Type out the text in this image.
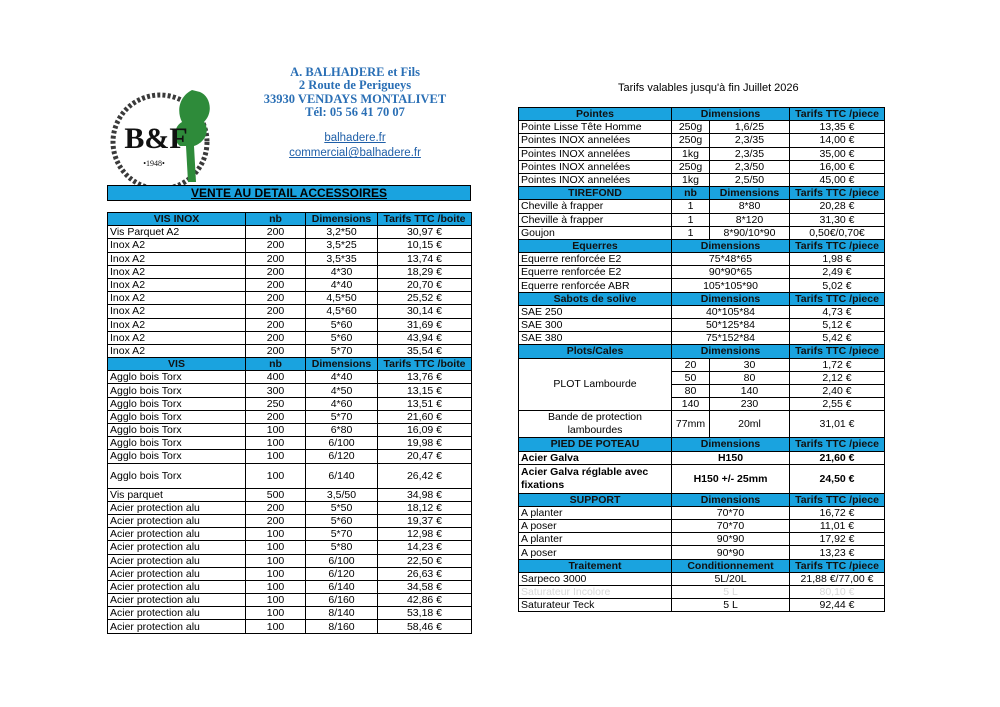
B&F
•1948•
A. BALHADERE et Fils
2 Route de Perigueys
33930 VENDAYS MONTALIVET
Tél: 05 56 41 70 07
balhadere.fr
commercial@balhadere.fr
Tarifs valables jusqu'à fin Juillet 2026
VENTE AU DETAIL ACCESSOIRES
VIS INOX	nb	Dimensions	Tarifs TTC /boite
Vis Parquet A2	200	3,2*50	30,97 €
Inox A2	200	3,5*25	10,15 €
Inox A2	200	3,5*35	13,74 €
Inox A2	200	4*30	18,29 €
Inox A2	200	4*40	20,70 €
Inox A2	200	4,5*50	25,52 €
Inox A2	200	4,5*60	30,14 €
Inox A2	200	5*60	31,69 €
Inox A2	200	5*60	43,94 €
Inox A2	200	5*70	35,54 €
VIS	nb	Dimensions	Tarifs TTC /boite
Agglo bois Torx	400	4*40	13,76 €
Agglo bois Torx	300	4*50	13,15 €
Agglo bois Torx	250	4*60	13,51 €
Agglo bois Torx	200	5*70	21,60 €
Agglo bois Torx	100	6*80	16,09 €
Agglo bois Torx	100	6/100	19,98 €
Agglo bois Torx	100	6/120	20,47 €
Agglo bois Torx	100	6/140	26,42 €
Vis parquet	500	3,5/50	34,98 €
Acier protection alu	200	5*50	18,12 €
Acier protection alu	200	5*60	19,37 €
Acier protection alu	100	5*70	12,98 €
Acier protection alu	100	5*80	14,23 €
Acier protection alu	100	6/100	22,50 €
Acier protection alu	100	6/120	26,63 €
Acier protection alu	100	6/140	34,58 €
Acier protection alu	100	6/160	42,86 €
Acier protection alu	100	8/140	53,18 €
Acier protection alu	100	8/160	58,46 €
Pointes	Dimensions		Tarifs TTC /piece
Pointe Lisse Tête Homme	250g	1,6/25	13,35 €
Pointes INOX annelées	250g	2,3/35	14,00 €
Pointes INOX annelées	1kg	2,3/35	35,00 €
Pointes INOX annelées	250g	2,3/50	16,00 €
Pointes INOX annelées	1kg	2,5/50	45,00 €
TIREFOND	nb	Dimensions	Tarifs TTC /piece
Cheville à frapper	1	8*80	20,28 €
Cheville à frapper	1	8*120	31,30 €
Goujon	1	8*90/10*90	0,50€/0,70€
Equerres	Dimensions		Tarifs TTC /piece
Equerre renforcée E2	75*48*65		1,98 €
Equerre renforcée E2	90*90*65		2,49 €
Equerre renforcée ABR	105*105*90		5,02 €
Sabots de solive	Dimensions		Tarifs TTC /piece
SAE 250	40*105*84		4,73 €
SAE 300	50*125*84		5,12 €
SAE 380	75*152*84		5,42 €
Plots/Cales	Dimensions		Tarifs TTC /piece
PLOT Lambourde	20	30	1,72 €
	50	80	2,12 €
	80	140	2,40 €
	140	230	2,55 €
Bande de protection lambourdes	77mm	20ml	31,01 €
PIED DE POTEAU	Dimensions		Tarifs TTC /piece
Acier Galva	H150		21,60 €
Acier Galva réglable avec fixations	H150 +/- 25mm		24,50 €
SUPPORT	Dimensions		Tarifs TTC /piece
A planter	70*70		16,72 €
A poser	70*70		11,01 €
A planter	90*90		17,92 €
A poser	90*90		13,23 €
Traitement	Conditionnement		Tarifs TTC /piece
Sarpeco 3000	5L/20L		21,88 €/77,00 €
Saturateur Incolore	5 L		80,10 €
Saturateur Teck	5 L		92,44 €
